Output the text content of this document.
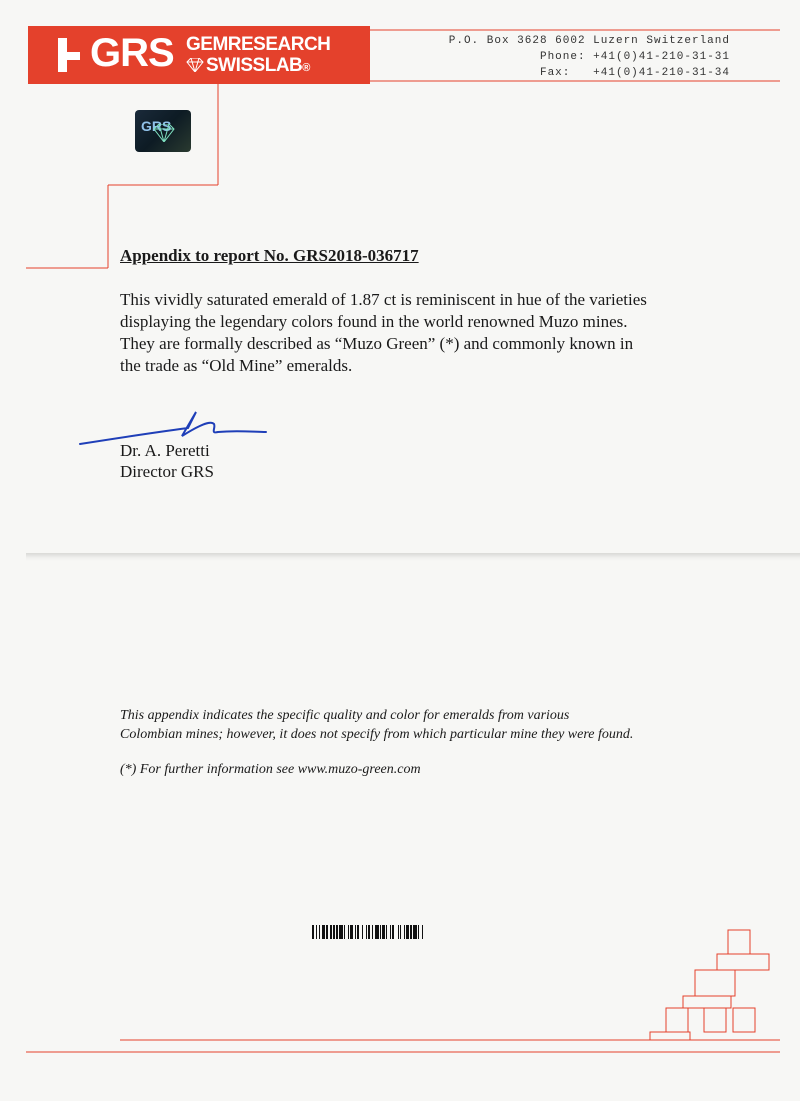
GRS GEMRESEARCH
SWISSLAB®
P.O. Box 3628 6002 Luzern Switzerland
Phone: +41(0)41-210-31-31
Fax:   +41(0)41-210-31-34
GRS
Appendix to report No. GRS2018-036717
This vividly saturated emerald of 1.87 ct is reminiscent in hue of the varieties
displaying the legendary colors found in the world renowned Muzo mines.
They are formally described as “Muzo Green” (*) and commonly known in
the trade as “Old Mine” emeralds.
Dr. A. Peretti
Director GRS
This appendix indicates the specific quality and color for emeralds from various
Colombian mines; however, it does not specify from which particular mine they were found.
(*) For further information see www.muzo-green.com
